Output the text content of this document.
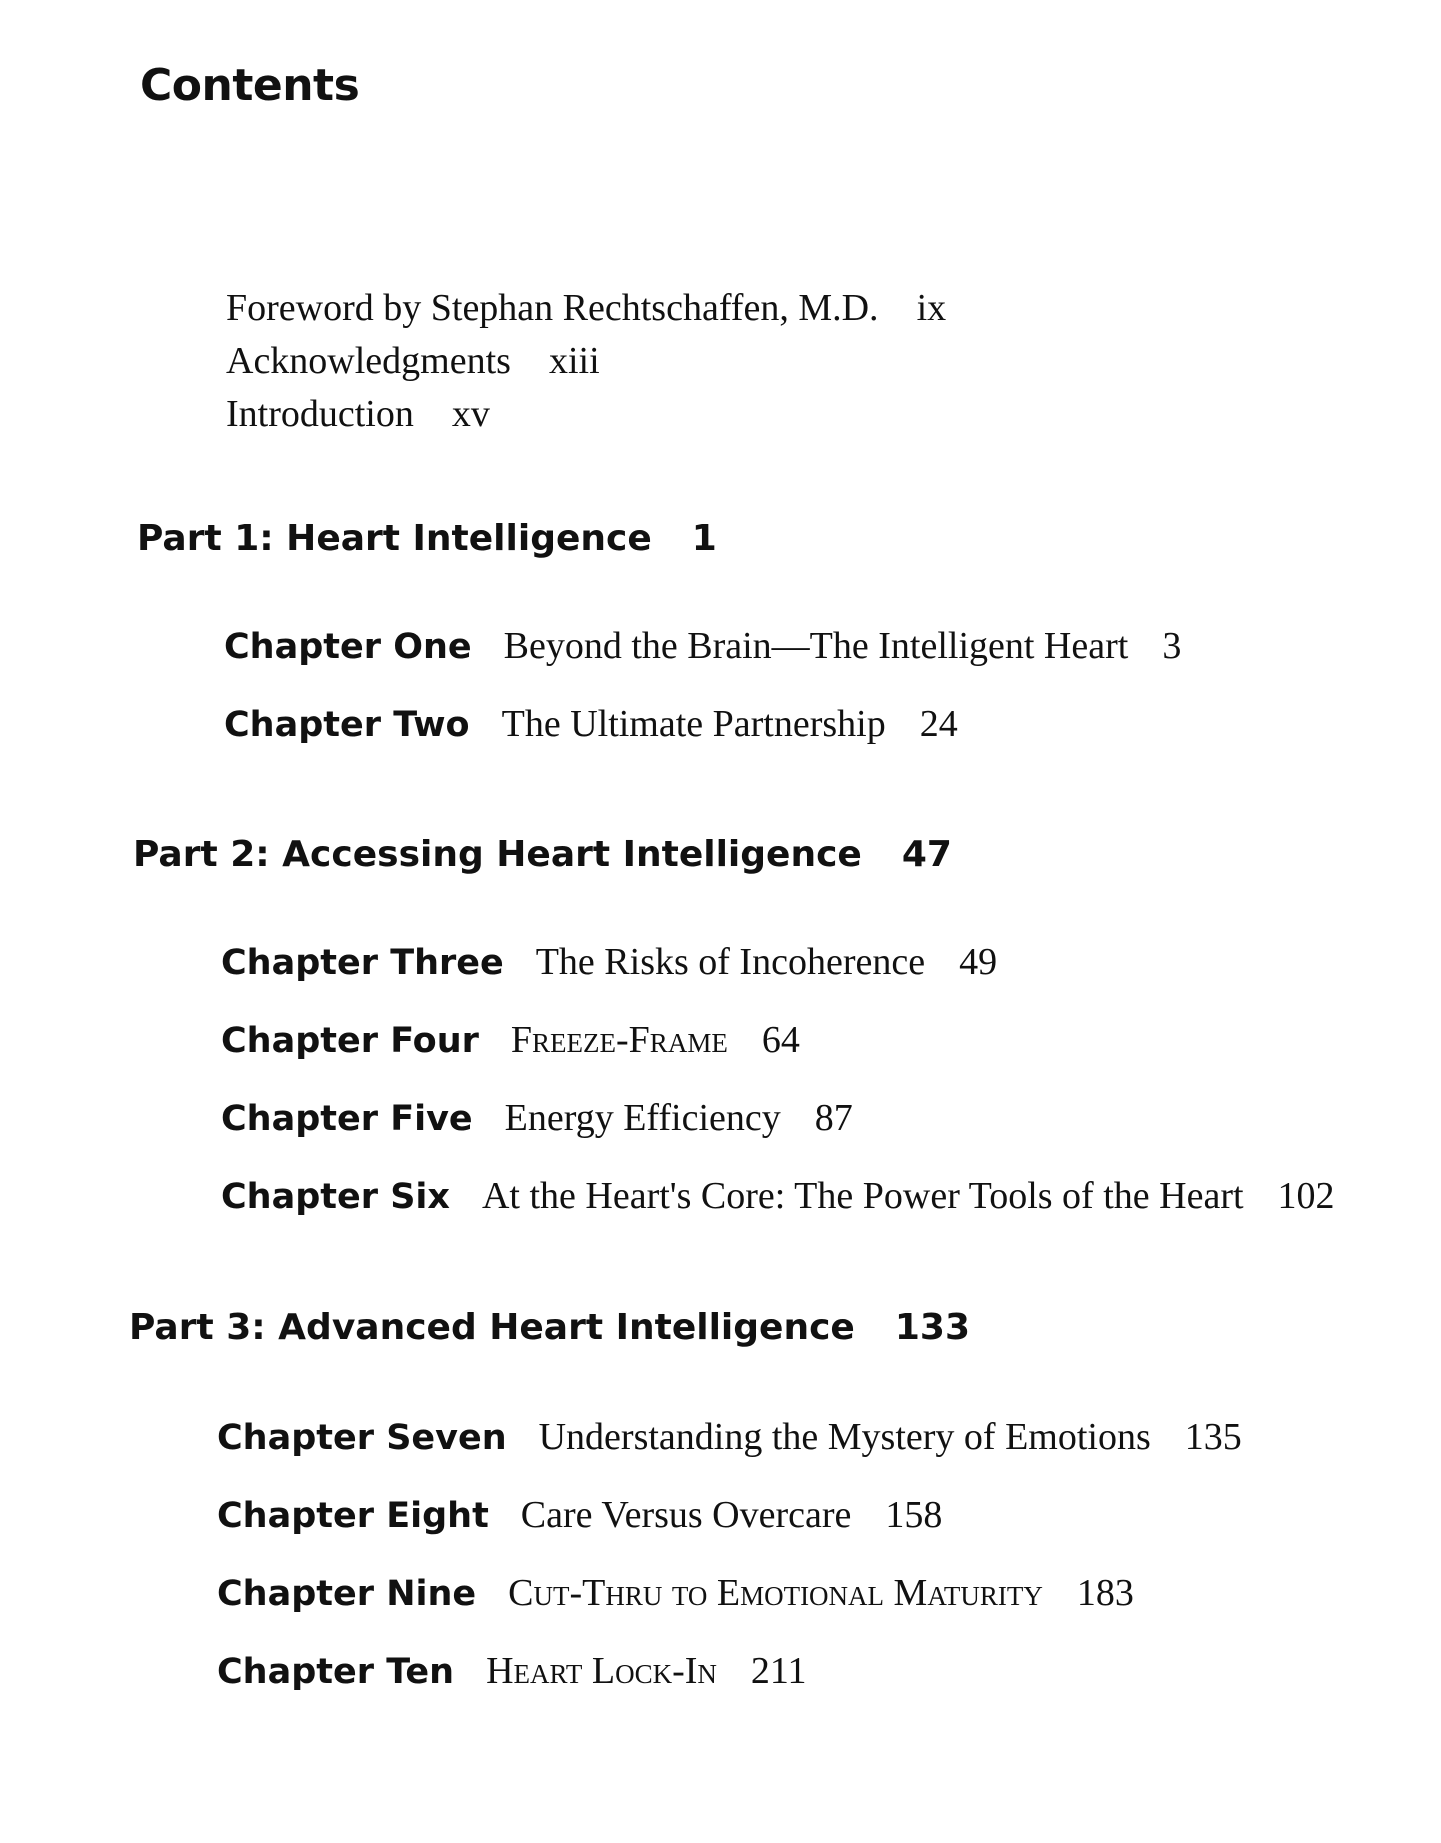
Contents
Foreword by Stephan Rechtschaffen, M.D. ix
Acknowledgments xiii
Introduction xv
Part 1: Heart Intelligence 1
Chapter One Beyond the Brain—The Intelligent Heart 3
Chapter Two The Ultimate Partnership 24
Part 2: Accessing Heart Intelligence 47
Chapter Three The Risks of Incoherence 49
Chapter Four Freeze-Frame 64
Chapter Five Energy Efficiency 87
Chapter Six At the Heart's Core: The Power Tools of the Heart 102
Part 3: Advanced Heart Intelligence 133
Chapter Seven Understanding the Mystery of Emotions 135
Chapter Eight Care Versus Overcare 158
Chapter Nine Cut-Thru to Emotional Maturity 183
Chapter Ten Heart Lock-In 211
